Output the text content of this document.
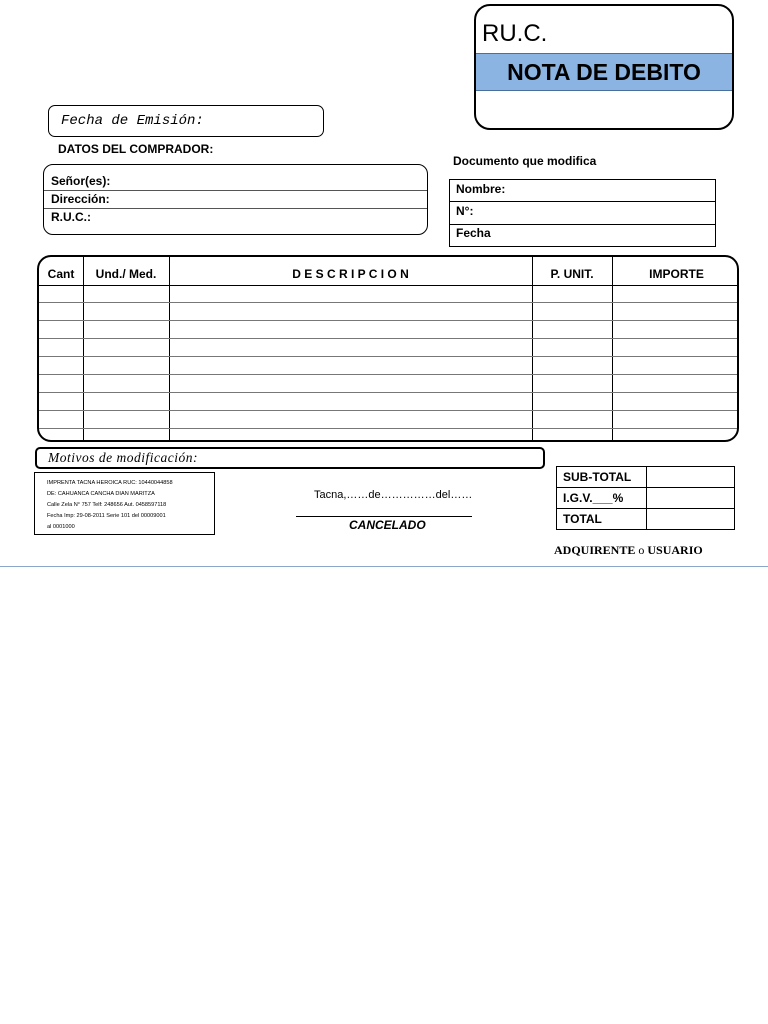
RU.C.
NOTA DE DEBITO
Fecha de Emisión:
DATOS DEL COMPRADOR:
Señor(es):
Dirección:
R.U.C.:
Documento que modifica
Nombre:
N°:
Fecha
Cant	Und./ Med.	D E S C R I P C I O N	P. UNIT.	IMPORTE
Motivos de modificación:
IMPRENTA TACNA HEROICA RUC: 10440044858
DE: CAHUANCA CANCHA DIAN MARITZA
Calle Zela N° 757 Telf: 248656 Aut. 0458597118
Fecha Imp: 29-08-2011 Serie 101 del 00009001
al 0001000
Tacna,……de……………del……
CANCELADO
SUB-TOTAL	
I.G.V.___%	
TOTAL	
ADQUIRENTE o USUARIO
